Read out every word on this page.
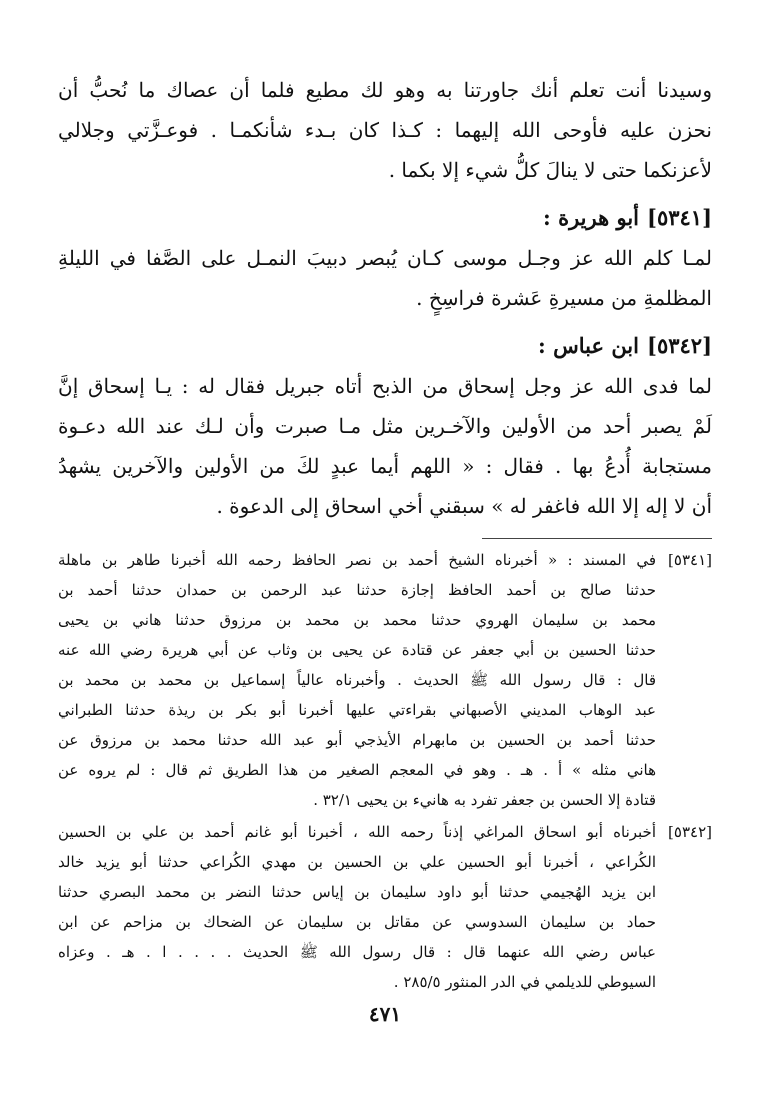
وسيدنا أنت تعلم أنك جاورتنا به وهو لك مطيع فلما أن عصاك ما نُحبُّ أن
نحزن عليه فأوحى الله إليهما : كـذا كان بـدء شأنكمـا . فوعـزَّتي وجلالي
لأعزنكما حتى لا ينالَ كلُّ شيء إلا بكما .
[٥٣٤١]أبو هريرة :
لمـا كلم الله عز وجـل موسى كـان يُبصر دبيبَ النمـل على الصَّفا في الليلةِ
المظلمةِ من مسيرةِ عَشرة فراسِخٍ .
[٥٣٤٢]ابن عباس :
لما فدى الله عز وجل إسحاق من الذبح أتاه جبريل فقال له : يـا إسحاق إنَّ
لَمْ يصبر أحد من الأولين والآخـرين مثل مـا صبرت وأن لـك عند الله دعـوة
مستجابة أُدعُ بها . فقال : « اللهم أيما عبدٍ لكَ من الأولين والآخرين يشهدُ
أن لا إله إلا الله فاغفر له » سبقني أخي اسحاق إلى الدعوة .
[٥٣٤١]
في المسند : « أخبرناه الشيخ أحمد بن نصر الحافظ رحمه الله أخبرنا طاهر بن ماهلة
حدثنا صالح بن أحمد الحافظ إجازة حدثنا عبد الرحمن بن حمدان حدثنا أحمد بن
محمد بن سليمان الهروي حدثنا محمد بن محمد بن مرزوق حدثنا هاني بن يحيى
حدثنا الحسين بن أبي جعفر عن قتادة عن يحيى بن وثاب عن أبي هريرة رضي الله عنه
قال : قال رسول الله ﷺ الحديث . وأخبرناه عالياً إسماعيل بن محمد بن محمد بن
عبد الوهاب المديني الأصبهاني بقراءتي عليها أخبرنا أبو بكر بن ريذة حدثنا الطبراني
حدثنا أحمد بن الحسين بن مابهرام الأيذجي أبو عبد الله حدثنا محمد بن مرزوق عن
هاني مثله » أ . هـ . وهو في المعجم الصغير من هذا الطريق ثم قال : لم يروه عن
قتادة إلا الحسن بن جعفر تفرد به هانيء بن يحيى ٣٢/١ .
[٥٣٤٢]
أخبرناه أبو اسحاق المراغي إذناً رحمه الله ، أخبرنا أبو غانم أحمد بن علي بن الحسين
الكُراعي ، أخبرنا أبو الحسين علي بن الحسين بن مهدي الكُراعي حدثنا أبو يزيد خالد
ابن يزيد الهُجيمي حدثنا أبو داود سليمان بن إياس حدثنا النضر بن محمد البصري حدثنا
حماد بن سليمان السدوسي عن مقاتل بن سليمان عن الضحاك بن مزاحم عن ابن
عباس رضي الله عنهما قال : قال رسول الله ﷺ الحديث . . . . ا . هـ . وعزاه
السيوطي للديلمي في الدر المنثور ٢٨٥/٥ .
٤٧١
